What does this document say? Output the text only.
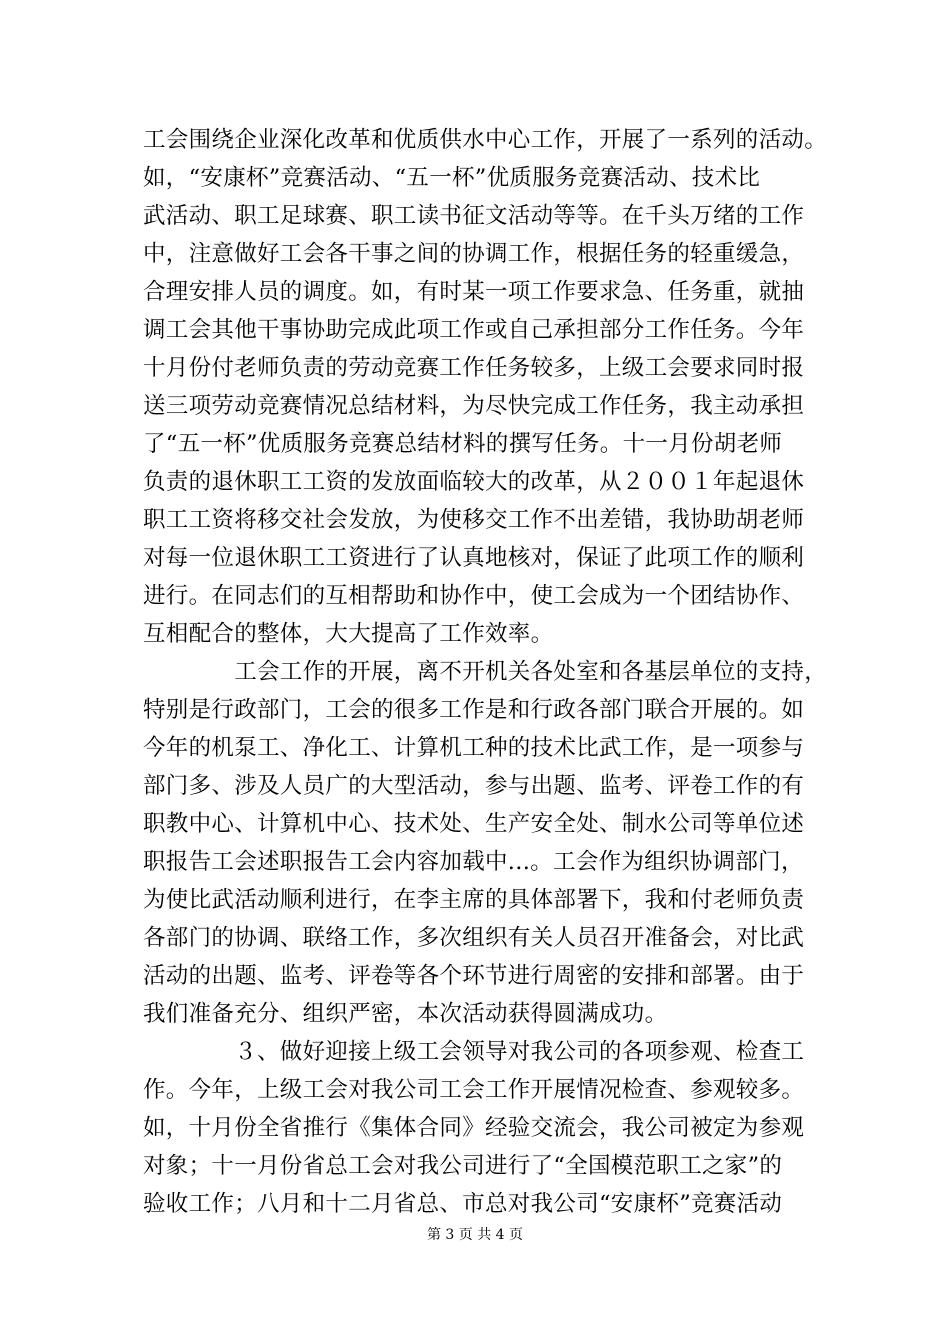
工会围绕企业深化改革和优质供水中心工作，开展了一系列的活动。
如，“安康杯”竞赛活动、“五一杯”优质服务竞赛活动、技术比
武活动、职工足球赛、职工读书征文活动等等。在千头万绪的工作
中，注意做好工会各干事之间的协调工作，根据任务的轻重缓急，
合理安排人员的调度。如，有时某一项工作要求急、任务重，就抽
调工会其他干事协助完成此项工作或自己承担部分工作任务。今年
十月份付老师负责的劳动竞赛工作任务较多，上级工会要求同时报
送三项劳动竞赛情况总结材料，为尽快完成工作任务，我主动承担
了“五一杯”优质服务竞赛总结材料的撰写任务。十一月份胡老师
负责的退休职工工资的发放面临较大的改革，从２００１年起退休
职工工资将移交社会发放，为使移交工作不出差错，我协助胡老师
对每一位退休职工工资进行了认真地核对，保证了此项工作的顺利
进行。在同志们的互相帮助和协作中，使工会成为一个团结协作、
互相配合的整体，大大提高了工作效率。
　　　　工会工作的开展，离不开机关各处室和各基层单位的支持，
特别是行政部门，工会的很多工作是和行政各部门联合开展的。如
今年的机泵工、净化工、计算机工种的技术比武工作，是一项参与
部门多、涉及人员广的大型活动，参与出题、监考、评卷工作的有
职教中心、计算机中心、技术处、生产安全处、制水公司等单位述
职报告工会述职报告工会内容加载中...。工会作为组织协调部门，
为使比武活动顺利进行，在李主席的具体部署下，我和付老师负责
各部门的协调、联络工作，多次组织有关人员召开准备会，对比武
活动的出题、监考、评卷等各个环节进行周密的安排和部署。由于
我们准备充分、组织严密，本次活动获得圆满成功。
　　　　３、做好迎接上级工会领导对我公司的各项参观、检查工
作。今年，上级工会对我公司工会工作开展情况检查、参观较多。
如，十月份全省推行《集体合同》经验交流会，我公司被定为参观
对象；十一月份省总工会对我公司进行了“全国模范职工之家”的
验收工作；八月和十二月省总、市总对我公司“安康杯”竞赛活动
第 3 页 共 4 页
